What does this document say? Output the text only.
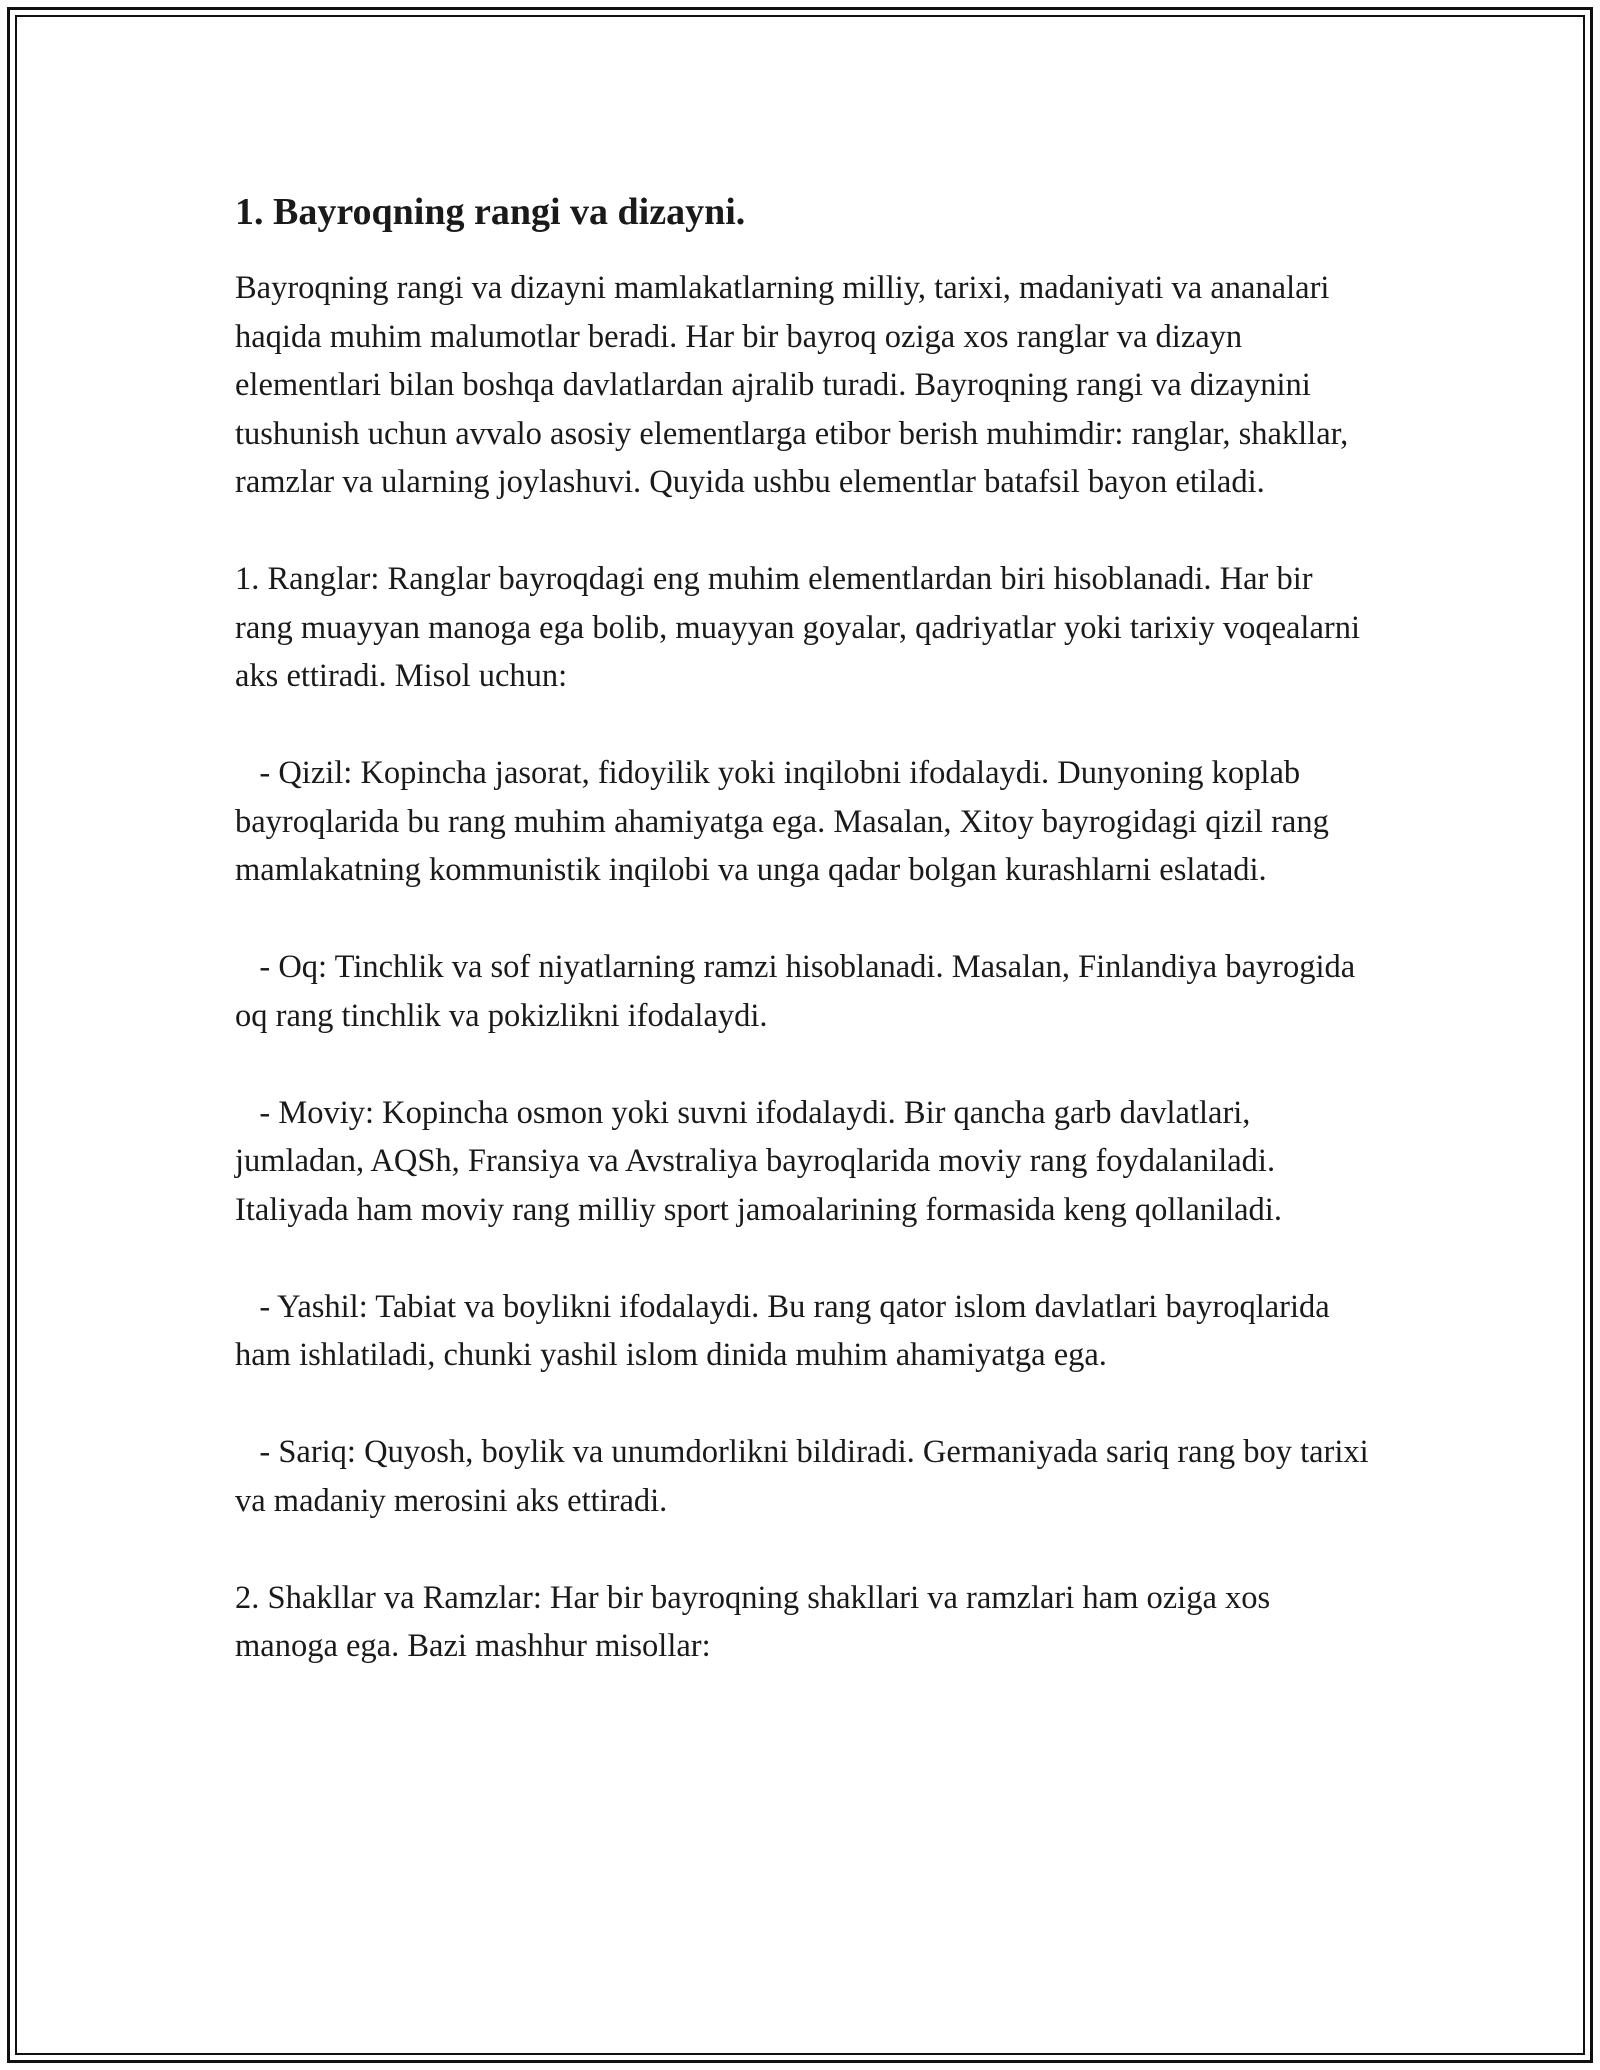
1. Bayroqning rangi va dizayni.

Bayroqning rangi va dizayni mamlakatlarning milliy, tarixi, madaniyati va ananalari haqida muhim malumotlar beradi. Har bir bayroq oziga xos ranglar va dizayn elementlari bilan boshqa davlatlardan ajralib turadi. Bayroqning rangi va dizaynini tushunish uchun avvalo asosiy elementlarga etibor berish muhimdir: ranglar, shakllar, ramzlar va ularning joylashuvi. Quyida ushbu elementlar batafsil bayon etiladi.

1. Ranglar: Ranglar bayroqdagi eng muhim elementlardan biri hisoblanadi. Har bir rang muayyan manoga ega bolib, muayyan goyalar, qadriyatlar yoki tarixiy voqealarni aks ettiradi. Misol uchun:

- Qizil: Kopincha jasorat, fidoyilik yoki inqilobni ifodalaydi. Dunyoning koplab bayroqlarida bu rang muhim ahamiyatga ega. Masalan, Xitoy bayrogidagi qizil rang mamlakatning kommunistik inqilobi va unga qadar bolgan kurashlarni eslatadi.

- Oq: Tinchlik va sof niyatlarning ramzi hisoblanadi. Masalan, Finlandiya bayrogida oq rang tinchlik va pokizlikni ifodalaydi.

- Moviy: Kopincha osmon yoki suvni ifodalaydi. Bir qancha garb davlatlari, jumladan, AQSh, Fransiya va Avstraliya bayroqlarida moviy rang foydalaniladi. Italiyada ham moviy rang milliy sport jamoalarining formasida keng qollaniladi.

- Yashil: Tabiat va boylikni ifodalaydi. Bu rang qator islom davlatlari bayroqlarida ham ishlatiladi, chunki yashil islom dinida muhim ahamiyatga ega.

- Sariq: Quyosh, boylik va unumdorlikni bildiradi. Germaniyada sariq rang boy tarixi va madaniy merosini aks ettiradi.

2. Shakllar va Ramzlar: Har bir bayroqning shakllari va ramzlari ham oziga xos manoga ega. Bazi mashhur misollar:
